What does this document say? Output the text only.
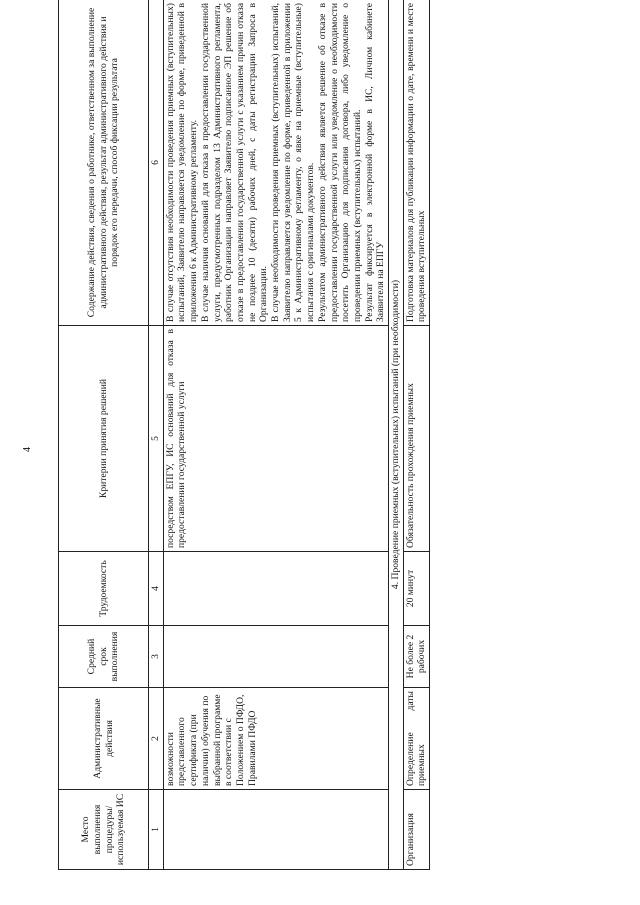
4
Место выполнения процедуры/ используемая ИС	Административные действия	Средний срок выполнения	Трудоемкость	Критерии принятия решений	Содержание действия, сведения о работнике, ответственном за выполнение административного действия, результат административного действия и порядок его передачи, способ фиксации результата
1	2	3	4	5	6
	возможности представленного сертификата (при наличии) обучения по выбранной программе в соответствии с Положением о ПФДО, Правилами ПФДО			посредством ЕПГУ, ИС оснований для отказа в предоставлении государственной услуги	В случае отсутствия необходимости проведения приемных (вступительных) испытаний, Заявителю направляется уведомление по форме, приведенной в приложении 6 к Административному регламенту. В случае наличия оснований для отказа в предоставлении государственной услуги, предусмотренных подразделом 13 Административного регламента, работник Организации направляет Заявителю подписанное ЭП решение об отказе в предоставлении государственной услуги с указанием причин отказа не позднее 10 (десяти) рабочих дней, с даты регистрации Запроса в Организации. В случае необходимости проведения приемных (вступительных) испытаний, Заявителю направляется уведомление по форме, приведенной в приложении 5 к Административному регламенту, о явке на приемные (вступительные) испытания с оригиналами документов. Результатом административного действия является решение об отказе в предоставлении государственной услуги или уведомление о необходимости посетить Организацию для подписания договора, либо уведомление о проведении приемных (вступительных) испытаний. Результат фиксируется в электронной форме в ИС, Личном кабинете Заявителя на ЕПГУ

4. Проведение приемных (вступительных) испытаний (при необходимости)					
Организация	Определение даты приемных	Не более 2 рабочих	20 минут	Обязательность прохождения приемных	Подготовка материалов для публикации информации о дате, времени и месте проведения вступительных
